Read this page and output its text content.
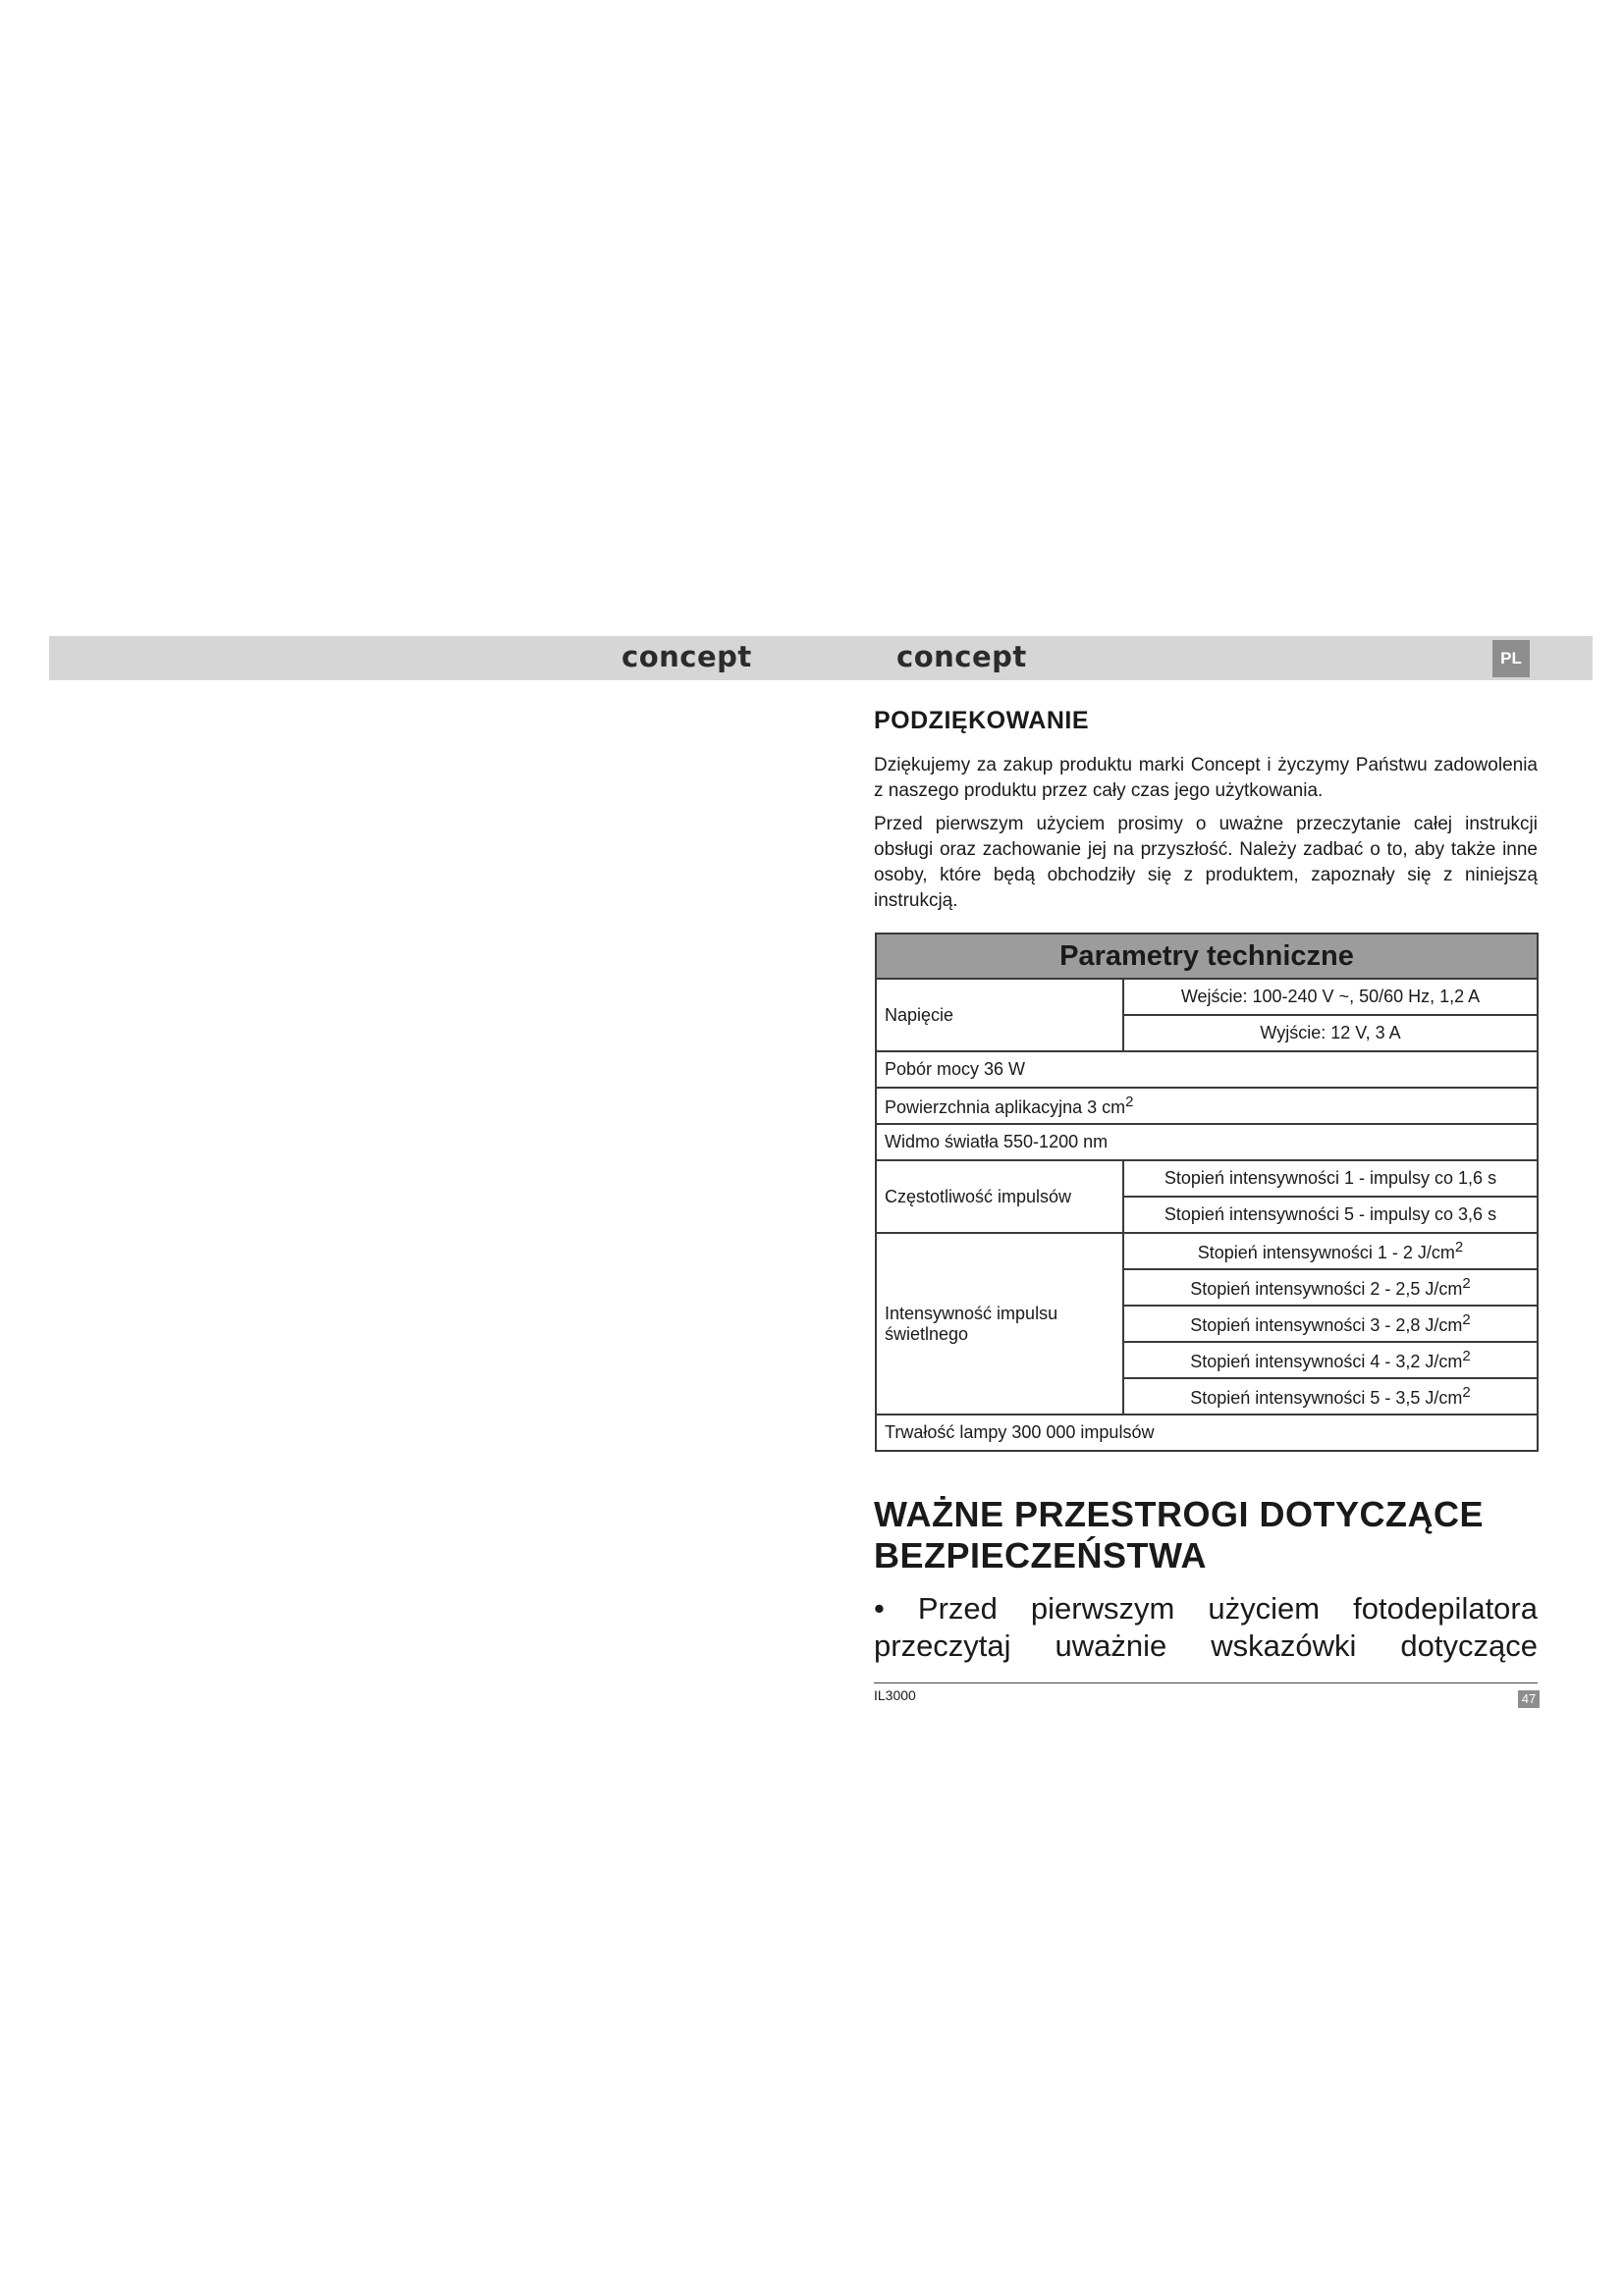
concept	concept	PL
PODZIĘKOWANIE

Dziękujemy za zakup produktu marki Concept i życzymy Państwu zadowolenia z naszego produktu przez cały czas jego użytkowania.

Przed pierwszym użyciem prosimy o uważne przeczytanie całej instrukcji obsługi oraz zachowanie jej na przyszłość. Należy zadbać o to, aby także inne osoby, które będą obchodziły się z produktem, zapoznały się z niniejszą instrukcją.

Parametry techniczne	
Napięcie	Wejście: 100-240 V ~, 50/60 Hz, 1,2 A
	Wyjście: 12 V, 3 A
Pobór mocy 36 W	
Powierzchnia aplikacyjna 3 $cm^2$
Widmo światła 550-1200 nm	
Częstotliwość impulsów	Stopień intensywności 1 - impulsy co 1,6 s
	Stopień intensywności 5 - impulsy co 3,6 s
Intensywność impulsu świetlnego	Stopień intensywności 1 - 2 $J/cm^2$
	Stopień intensywności 2 - 2,5 $J/cm^2$
	Stopień intensywności 3 - 2,8 $J/cm^2$
	Stopień intensywności 4 - 3,2 $J/cm^2$
	Stopień intensywności 5 - 3,5 $J/cm^2$
Trwałość lampy 300 000 impulsów	
WAŻNE PRZESTROGI DOTYCZĄCE
BEZPIECZEŃSTWA
• Przed pierwszym użyciem fotodepilatora przeczytaj uważnie wskazówki dotyczące
IL3000	47
